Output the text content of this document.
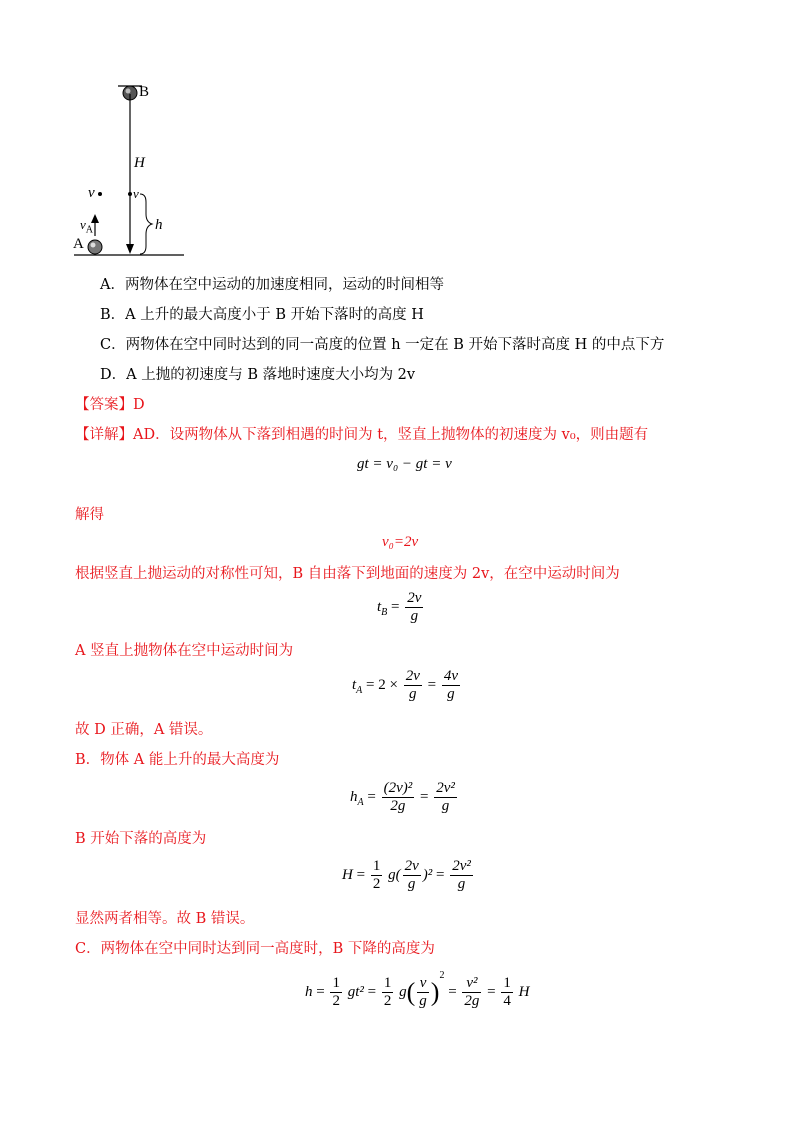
B
H
v	v
h
$v_A$
A
A．两物体在空中运动的加速度相同，运动的时间相等
B．A 上升的最大高度小于 B 开始下落时的高度 H
C．两物体在空中同时达到的同一高度的位置 h 一定在 B 开始下落时高度 H 的中点下方
D．A 上抛的初速度与 B 落地时速度大小均为 2v
【答案】D
【详解】AD．设两物体从下落到相遇的时间为 t，竖直上抛物体的初速度为 v₀，则由题有
gt = v₀ − gt = v
解得
v₀=2v
根据竖直上抛运动的对称性可知，B 自由落下到地面的速度为 2v，在空中运动时间为
$t_B = \frac{2v}{g}$
A 竖直上抛物体在空中运动时间为
$t_A = 2 \times \frac{2v}{g} = \frac{4v}{g}$
故 D 正确，A 错误。
B．物体 A 能上升的最大高度为
$h_A = \frac{\text{(2v)²}}{2g} = \frac{\text{2v²}}{g}$
B 开始下落的高度为
$H = \frac{1}{2} g( \frac{2v}{g} )^2 = \frac{\text{2v²}}{g}$
显然两者相等。故 B 错误。
C．两物体在空中同时达到同一高度时，B 下降的高度为
$h = \frac{1}{2} gt^2 = \frac{1}{2} g( \frac{v}{g} )^2 = \frac{\text{v²}}{2g} = \frac{1}{4}$ H
